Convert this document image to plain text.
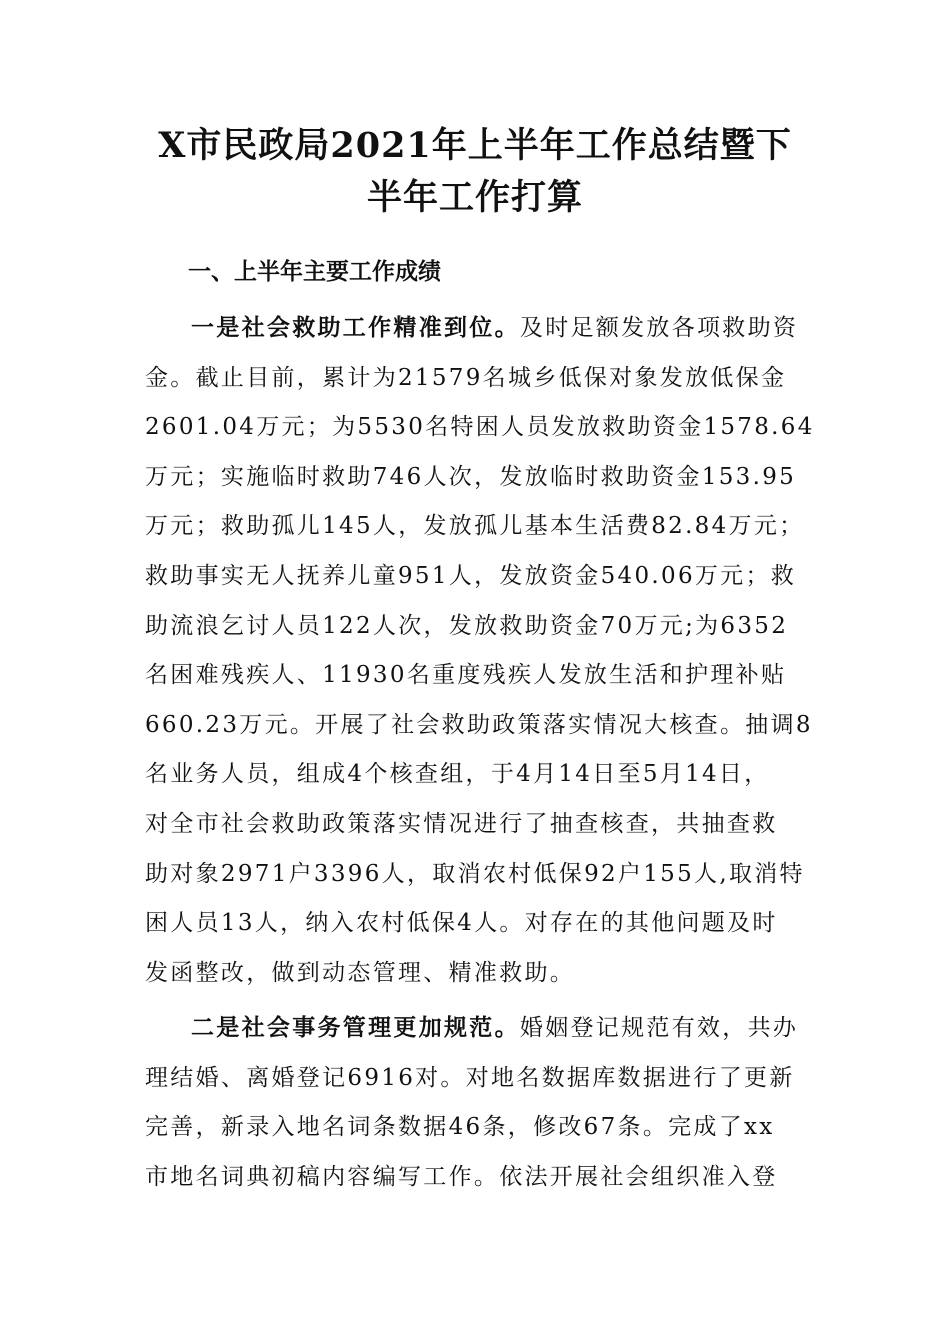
X市民政局2021年上半年工作总结暨下
半年工作打算
一、上半年主要工作成绩
一是社会救助工作精准到位。及时足额发放各项救助资
金。截止目前，累计为21579名城乡低保对象发放低保金
2601.04万元；为5530名特困人员发放救助资金1578.64
万元；实施临时救助746人次，发放临时救助资金153.95
万元；救助孤儿145人，发放孤儿基本生活费82.84万元；
救助事实无人抚养儿童951人，发放资金540.06万元；救
助流浪乞讨人员122人次，发放救助资金70万元;为6352
名困难残疾人、11930名重度残疾人发放生活和护理补贴
660.23万元。开展了社会救助政策落实情况大核查。抽调8
名业务人员，组成4个核查组，于4月14日至5月14日，
对全市社会救助政策落实情况进行了抽查核查，共抽查救
助对象2971户3396人，取消农村低保92户155人,取消特
困人员13人，纳入农村低保4人。对存在的其他问题及时
发函整改，做到动态管理、精准救助。
二是社会事务管理更加规范。婚姻登记规范有效，共办
理结婚、离婚登记6916对。对地名数据库数据进行了更新
完善，新录入地名词条数据46条，修改67条。完成了xx
市地名词典初稿内容编写工作。依法开展社会组织准入登
